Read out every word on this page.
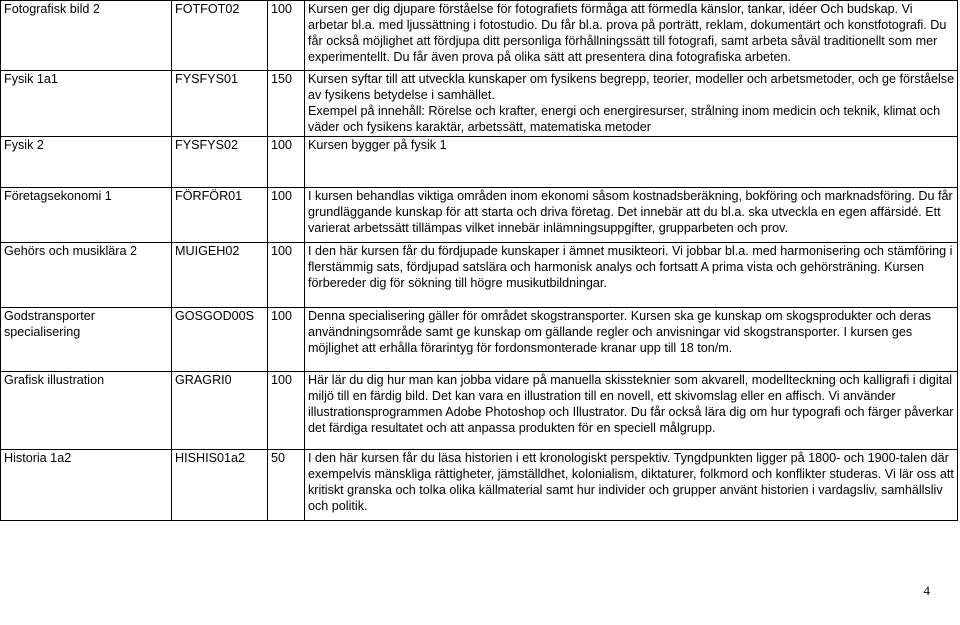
Fotografisk bild 2	FOTFOT02	100	Kursen ger dig djupare förståelse för fotografiets förmåga att förmedla känslor, tankar, idéer Och budskap. Vi arbetar bl.a. med ljussättning i fotostudio. Du får bl.a. prova på porträtt, reklam, dokumentärt och konstfotografi. Du får också möjlighet att fördjupa ditt personliga förhållningssätt till fotografi, samt arbeta såväl traditionellt som mer experimentellt. Du får även prova på olika sätt att presentera dina fotografiska arbeten.

Fysik 1a1	FYSFYS01	150	Kursen syftar till att utveckla kunskaper om fysikens begrepp, teorier, modeller och arbetsmetoder, och ge förståelse av fysikens betydelse i samhället.
Exempel på innehåll: Rörelse och krafter, energi och energiresurser, strålning inom medicin och teknik, klimat och väder och fysikens karaktär, arbetssätt, matematiska metoder

Fysik 2	FYSFYS02	100	Kursen bygger på fysik 1

Företagsekonomi 1	FÖRFÖR01	100	I kursen behandlas viktiga områden inom ekonomi såsom kostnadsberäkning, bokföring och marknadsföring. Du får grundläggande kunskap för att starta och driva företag. Det innebär att du bl.a. ska utveckla en egen affärsidé. Ett varierat arbetssätt tillämpas vilket innebär inlämningsuppgifter, grupparbeten och prov.

Gehörs och musiklära 2	MUIGEH02	100	I den här kursen får du fördjupade kunskaper i ämnet musikteori. Vi jobbar bl.a. med harmonisering och stämföring i flerstämmig sats, fördjupad satslära och harmonisk analys och fortsatt A prima vista och gehörsträning. Kursen förbereder dig för sökning till högre musikutbildningar.

Godstransporter specialisering	GOSGOD00S	100	Denna specialisering gäller för området skogstransporter. Kursen ska ge kunskap om skogsprodukter och deras användningsområde samt ge kunskap om gällande regler och anvisningar vid skogstransporter. I kursen ges möjlighet att erhålla förarintyg för fordonsmonterade kranar upp till 18 ton/m.

Grafisk illustration	GRAGRI0	100	Här lär du dig hur man kan jobba vidare på manuella skissteknier som akvarell, modellteckning och kalligrafi i digital miljö till en färdig bild. Det kan vara en illustration till en novell, ett skivomslag eller en affisch. Vi använder illustrationsprogrammen Adobe Photoshop och Illustrator. Du får också lära dig om hur typografi och färger påverkar det färdiga resultatet och att anpassa produkten för en speciell målgrupp.

Historia 1a2	HISHIS01a2	50	I den här kursen får du läsa historien i ett kronologiskt perspektiv. Tyngdpunkten ligger på 1800- och 1900-talen där exempelvis mänskliga rättigheter, jämställdhet, kolonialism, diktaturer, folkmord och konflikter studeras. Vi lär oss att kritiskt granska och tolka olika källmaterial samt hur individer och grupper använt historien i vardagsliv, samhällsliv och politik.
4
